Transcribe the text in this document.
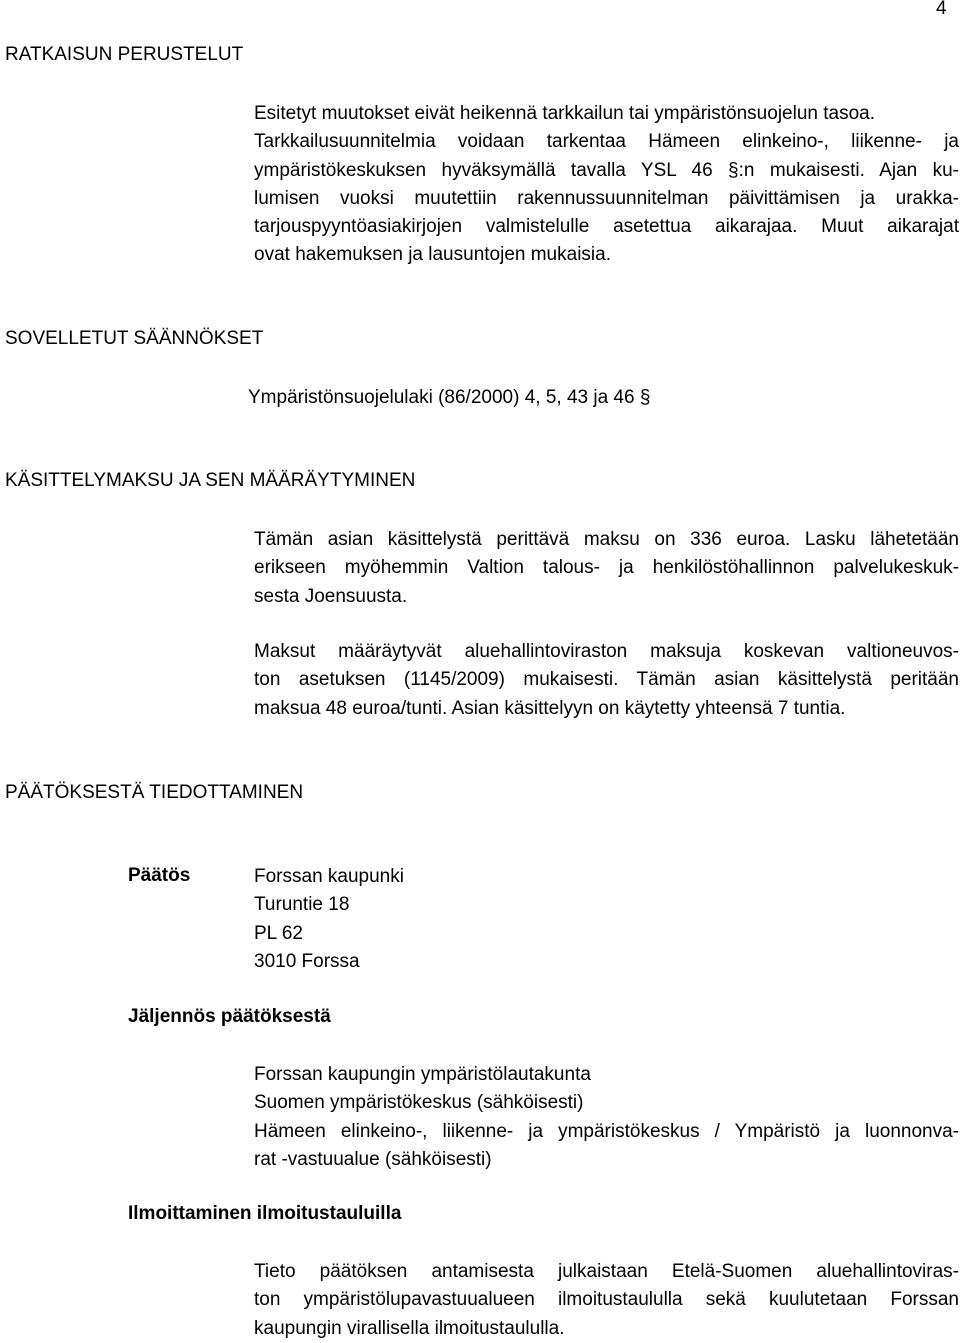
4
RATKAISUN PERUSTELUT
Esitetyt muutokset eivät heikennä tarkkailun tai ympäristönsuojelun tasoa.
Tarkkailusuunnitelmia voidaan tarkentaa Hämeen elinkeino-, liikenne- ja
ympäristökeskuksen hyväksymällä tavalla YSL 46 §:n mukaisesti. Ajan ku-
lumisen vuoksi muutettiin rakennussuunnitelman päivittämisen ja urakka-
tarjouspyyntöasiakirjojen valmistelulle asetettua aikarajaa. Muut aikarajat
ovat hakemuksen ja lausuntojen mukaisia.
SOVELLETUT SÄÄNNÖKSET
Ympäristönsuojelulaki (86/2000) 4, 5, 43 ja 46 §
KÄSITTELYMAKSU JA SEN MÄÄRÄYTYMINEN
Tämän asian käsittelystä perittävä maksu on 336 euroa. Lasku lähetetään
erikseen myöhemmin Valtion talous- ja henkilöstöhallinnon palvelukeskuk-
sesta Joensuusta.
Maksut määräytyvät aluehallintoviraston maksuja koskevan valtioneuvos-
ton asetuksen (1145/2009) mukaisesti. Tämän asian käsittelystä peritään
maksua 48 euroa/tunti. Asian käsittelyyn on käytetty yhteensä 7 tuntia.
PÄÄTÖKSESTÄ TIEDOTTAMINEN
Päätös	Forssan kaupunki
Turuntie 18
PL 62
3010 Forssa
Jäljennös päätöksestä
Forssan kaupungin ympäristölautakunta
Suomen ympäristökeskus (sähköisesti)
Hämeen elinkeino-, liikenne- ja ympäristökeskus / Ympäristö ja luonnonva-
rat -vastuualue (sähköisesti)
Ilmoittaminen ilmoitustauluilla
Tieto päätöksen antamisesta julkaistaan Etelä-Suomen aluehallintoviras-
ton ympäristölupavastuualueen ilmoitustaululla sekä kuulutetaan Forssan
kaupungin virallisella ilmoitustaululla.
